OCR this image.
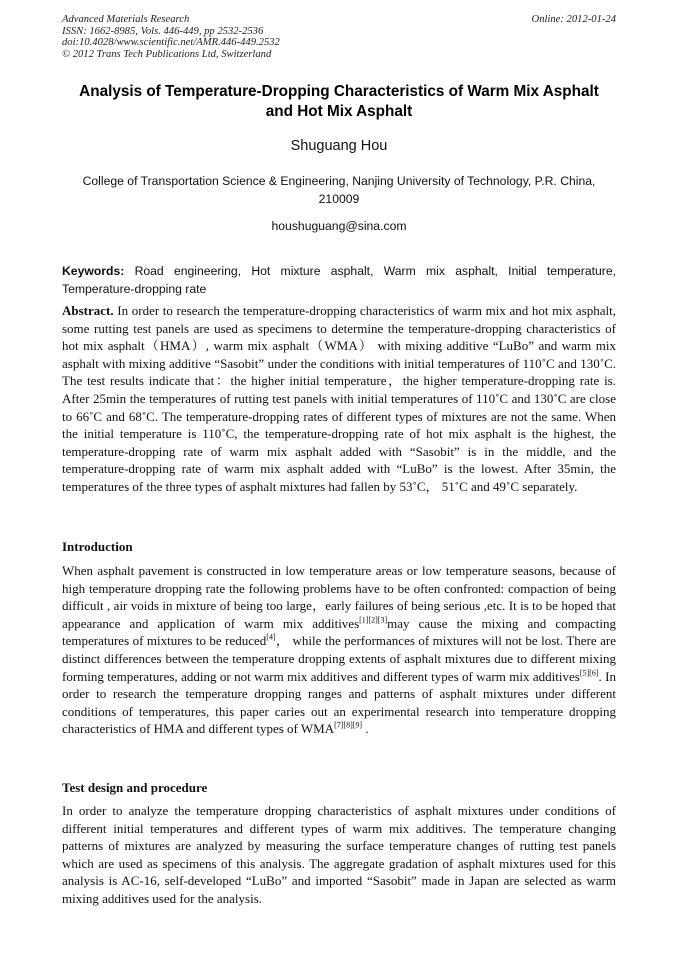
Advanced Materials Research
ISSN: 1662-8985, Vols. 446-449, pp 2532-2536
doi:10.4028/www.scientific.net/AMR.446-449.2532
© 2012 Trans Tech Publications Ltd, Switzerland
Online: 2012-01-24
Analysis of Temperature-Dropping Characteristics of Warm Mix Asphalt
and Hot Mix Asphalt
Shuguang Hou
College of Transportation Science & Engineering, Nanjing University of Technology, P.R. China,
210009
houshuguang@sina.com
Keywords: Road engineering, Hot mixture asphalt, Warm mix asphalt, Initial temperature, Temperature-dropping rate
Abstract. In order to research the temperature-dropping characteristics of warm mix and hot mix asphalt, some rutting test panels are used as specimens to determine the temperature-dropping characteristics of hot mix asphalt（HMA）, warm mix asphalt（WMA） with mixing additive “LuBo” and warm mix asphalt with mixing additive “Sasobit” under the conditions with initial temperatures of 110˚C and 130˚C. The test results indicate that：the higher initial temperature，the higher temperature-dropping rate is. After 25min the temperatures of rutting test panels with initial temperatures of 110˚C and 130˚C are close to 66˚C and 68˚C. The temperature-dropping rates of different types of mixtures are not the same. When the initial temperature is 110˚C, the temperature-dropping rate of hot mix asphalt is the highest, the temperature-dropping rate of warm mix asphalt added with “Sasobit” is in the middle, and the temperature-dropping rate of warm mix asphalt added with “LuBo” is the lowest. After 35min, the temperatures of the three types of asphalt mixtures had fallen by 53˚C， 51˚C and 49˚C separately.
Introduction
When asphalt pavement is constructed in low temperature areas or low temperature seasons, because of high temperature dropping rate the following problems have to be often confronted: compaction of being difficult , air voids in mixture of being too large，early failures of being serious ,etc. It is to be hoped that appearance and application of warm mix additives[1][2][3]may cause the mixing and compacting temperatures of mixtures to be reduced[4]， while the performances of mixtures will not be lost. There are distinct differences between the temperature dropping extents of asphalt mixtures due to different mixing forming temperatures, adding or not warm mix additives and different types of warm mix additives[5][6]. In order to research the temperature dropping ranges and patterns of asphalt mixtures under different conditions of temperatures, this paper caries out an experimental research into temperature dropping characteristics of HMA and different types of WMA[7][8][9] .
Test design and procedure
In order to analyze the temperature dropping characteristics of asphalt mixtures under conditions of different initial temperatures and different types of warm mix additives. The temperature changing patterns of mixtures are analyzed by measuring the surface temperature changes of rutting test panels which are used as specimens of this analysis. The aggregate gradation of asphalt mixtures used for this analysis is AC-16, self-developed “LuBo” and imported “Sasobit” made in Japan are selected as warm mixing additives used for the analysis.
